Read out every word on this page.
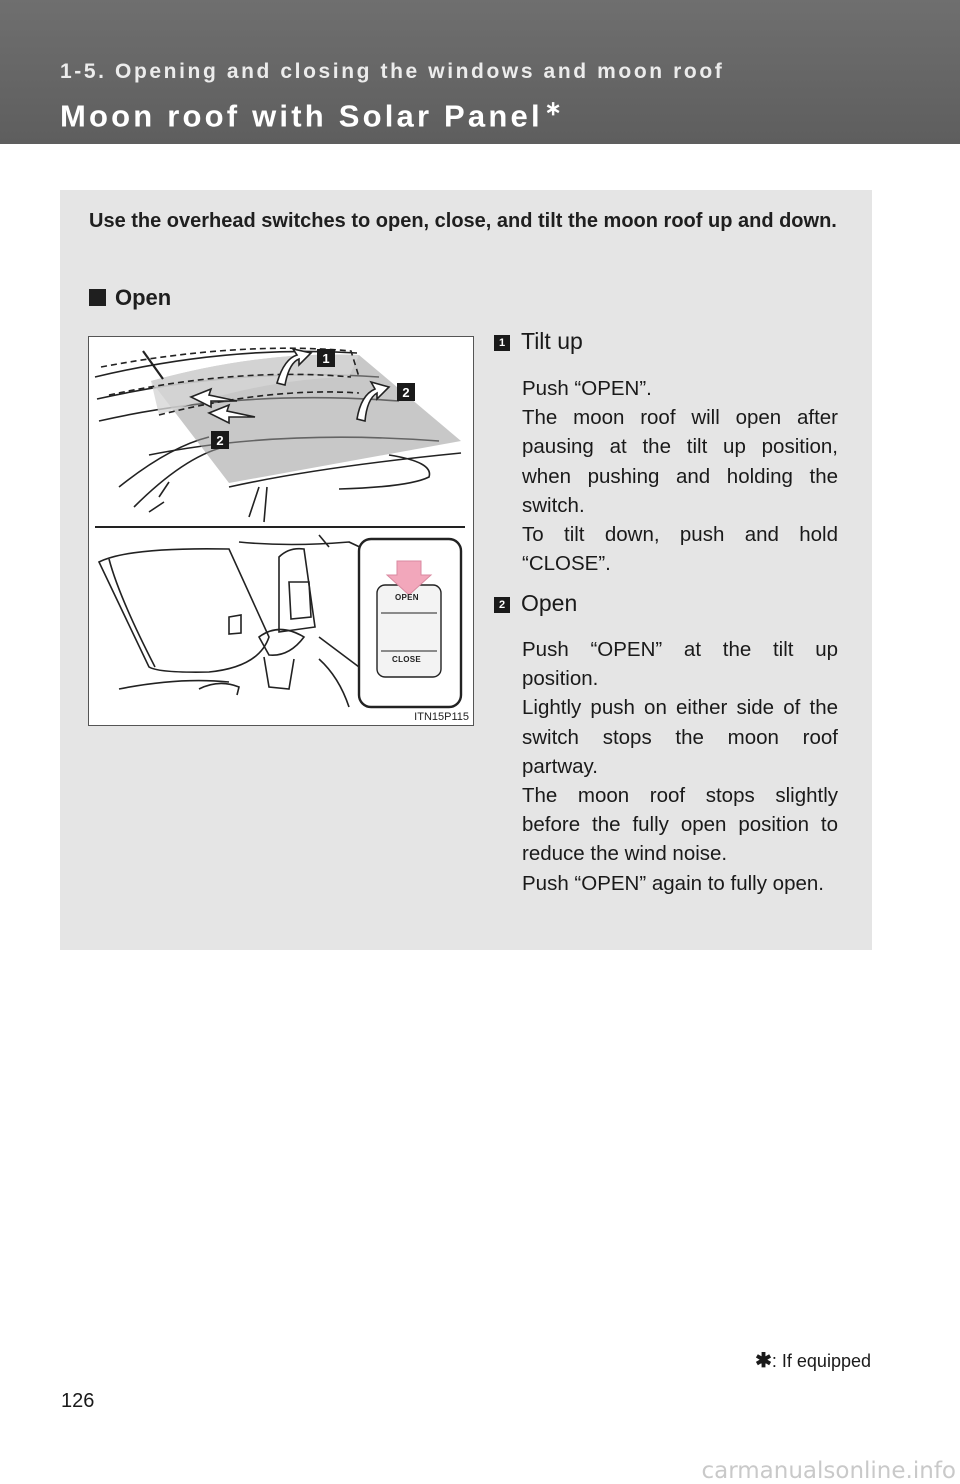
1-5. Opening and closing the windows and moon roof

Moon roof with Solar Panel ∗

Use the overhead switches to open, close, and tilt the moon roof up and down.

Open

1
2
2
OPEN
CLOSE
ITN15P115
1 Tilt up

Push “OPEN”.
The moon roof will open after pausing at the tilt up position, when pushing and holding the switch.
To tilt down, push and hold “CLOSE”.

2 Open

Push “OPEN” at the tilt up position.
Lightly push on either side of the switch stops the moon roof partway.
The moon roof stops slightly before the fully open position to reduce the wind noise.
Push “OPEN” again to fully open.

✱: If equipped
126
carmanualsonline.info
